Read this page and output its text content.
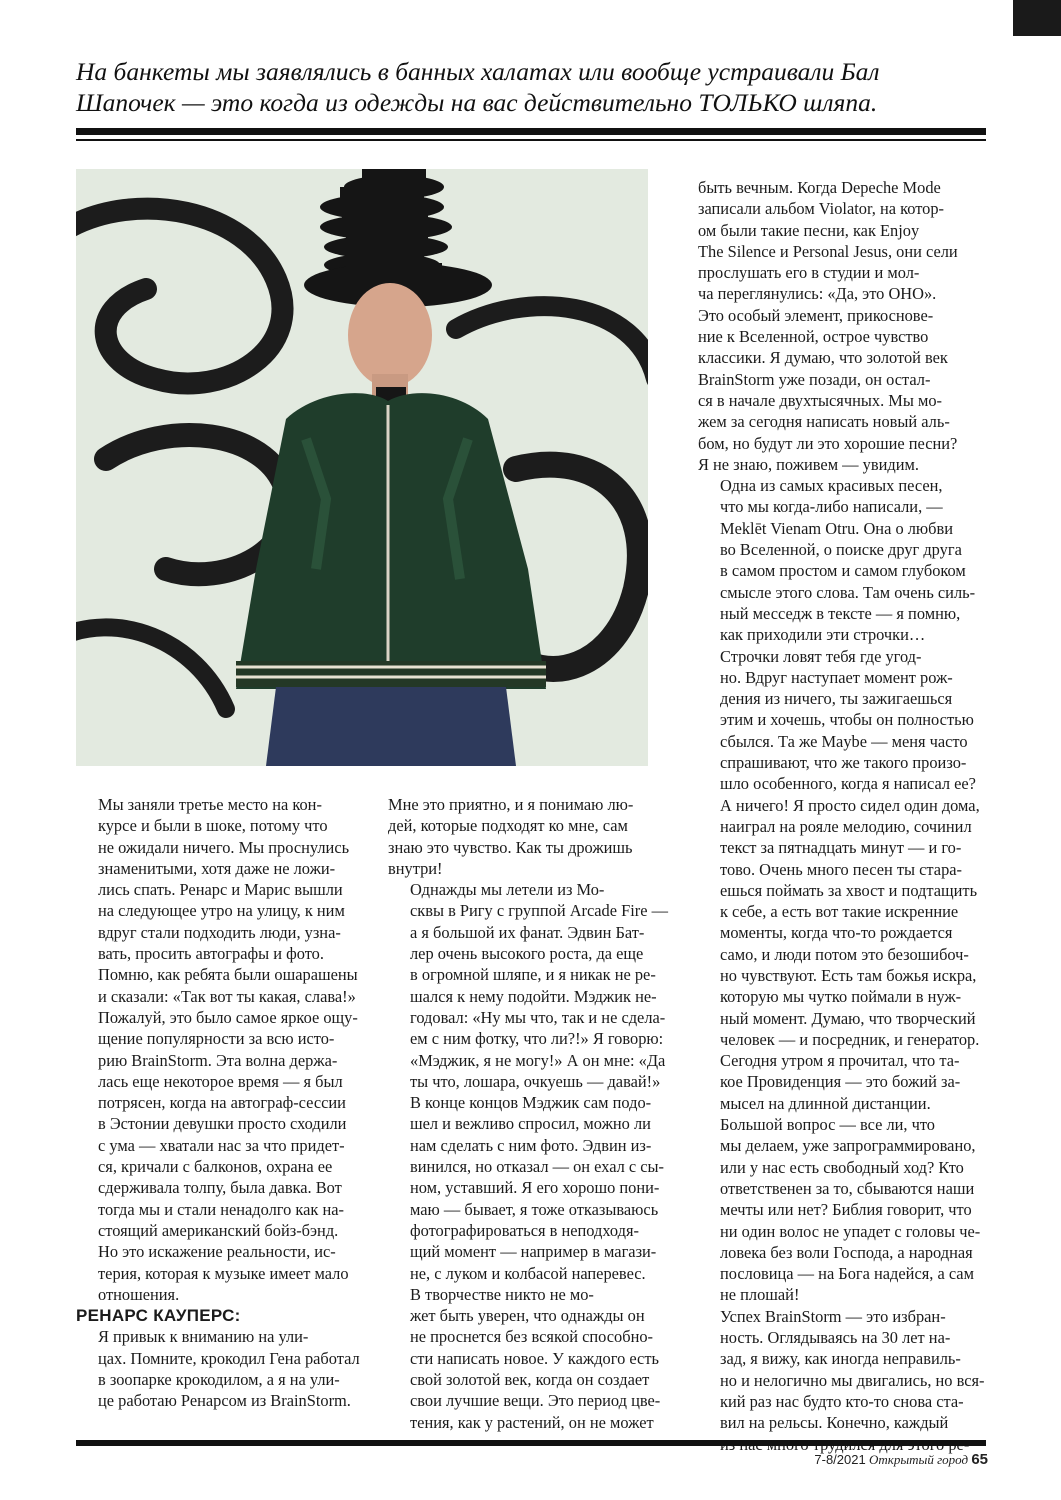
На банкеты мы заявлялись в банных халатах или вообще устраивали Бал
Шапочек — это когда из одежды на вас действительно ТОЛЬКО шляпа.

Мы заняли третье место на кон-
курсе и были в шоке, потому что
не ожидали ничего. Мы проснулись
знаменитыми, хотя даже не ложи-
лись спать. Ренарс и Марис вышли
на следующее утро на улицу, к ним
вдруг стали подходить люди, узна-
вать, просить автографы и фото.
Помню, как ребята были ошарашены
и сказали: «Так вот ты какая, слава!»
Пожалуй, это было самое яркое ощу-
щение популярности за всю исто-
рию BrainStorm. Эта волна держа-
лась еще некоторое время — я был
потрясен, когда на автограф-сессии
в Эстонии девушки просто сходили
с ума — хватали нас за что придет-
ся, кричали с балконов, охрана ее
сдерживала толпу, была давка. Вот
тогда мы и стали ненадолго как на-
стоящий американский бойз-бэнд.
Но это искажение реальности, ис-
терия, которая к музыке имеет мало
отношения.

РЕНАРС КАУПЕРС:

Я привык к вниманию на ули-
цах. Помните, крокодил Гена работал
в зоопарке крокодилом, а я на ули-
це работаю Ренарсом из BrainStorm.

Мне это приятно, и я понимаю лю-
дей, которые подходят ко мне, сам
знаю это чувство. Как ты дрожишь
внутри!

Однажды мы летели из Мо-
сквы в Ригу с группой Arcade Fire —
а я большой их фанат. Эдвин Бат-
лер очень высокого роста, да еще
в огромной шляпе, и я никак не ре-
шался к нему подойти. Мэджик не-
годовал: «Ну мы что, так и не сдела-
ем с ним фотку, что ли?!» Я говорю:
«Мэджик, я не могу!» А он мне: «Да
ты что, лошара, очкуешь — давай!»
В конце концов Мэджик сам подо-
шел и вежливо спросил, можно ли
нам сделать с ним фото. Эдвин из-
винился, но отказал — он ехал с сы-
ном, уставший. Я его хорошо пони-
маю — бывает, я тоже отказываюсь
фотографироваться в неподходя-
щий момент — например в магази-
не, с луком и колбасой наперевес.

В творчестве никто не мо-
жет быть уверен, что однажды он
не проснется без всякой способно-
сти написать новое. У каждого есть
свой золотой век, когда он создает
свои лучшие вещи. Это период цве-
тения, как у растений, он не может

быть вечным. Когда Depeche Mode
записали альбом Violator, на котор-
ом были такие песни, как Enjoy
The Silence и Personal Jesus, они сели
прослушать его в студии и мол-
ча переглянулись: «Да, это ОНО».
Это особый элемент, прикоснове-
ние к Вселенной, острое чувство
классики. Я думаю, что золотой век
BrainStorm уже позади, он остал-
ся в начале двухтысячных. Мы мо-
жем за сегодня написать новый аль-
бом, но будут ли это хорошие песни?
Я не знаю, поживем — увидим.

Одна из самых красивых песен,
что мы когда-либо написали, —
Meklēt Vienam Otru. Она о любви
во Вселенной, о поиске друг друга
в самом простом и самом глубоком
смысле этого слова. Там очень силь-
ный месседж в тексте — я помню,
как приходили эти строчки…

Строчки ловят тебя где угод-
но. Вдруг наступает момент рож-
дения из ничего, ты зажигаешься
этим и хочешь, чтобы он полностью
сбылся. Та же Maybe — меня часто
спрашивают, что же такого произо-
шло особенного, когда я написал ее?
А ничего! Я просто сидел один дома,
наиграл на рояле мелодию, сочинил
текст за пятнадцать минут — и го-
тово. Очень много песен ты стара-
ешься поймать за хвост и подтащить
к себе, а есть вот такие искренние
моменты, когда что-то рождается
само, и люди потом это безошибоч-
но чувствуют. Есть там божья искра,
которую мы чутко поймали в нуж-
ный момент. Думаю, что творческий
человек — и посредник, и генератор.
Сегодня утром я прочитал, что та-
кое Провиденция — это божий за-
мысел на длинной дистанции.

Большой вопрос — все ли, что
мы делаем, уже запрограммировано,
или у нас есть свободный ход? Кто
ответственен за то, сбываются наши
мечты или нет? Библия говорит, что
ни один волос не упадет с головы че-
ловека без воли Господа, а народная
пословица — на Бога надейся, а сам
не плошай!

Успех BrainStorm — это избран-
ность. Оглядываясь на 30 лет на-
зад, я вижу, как иногда неправиль-
но и нелогично мы двигались, но вся-
кий раз нас будто кто-то снова ста-
вил на рельсы. Конечно, каждый

7-8/2021 Открытый город 65
